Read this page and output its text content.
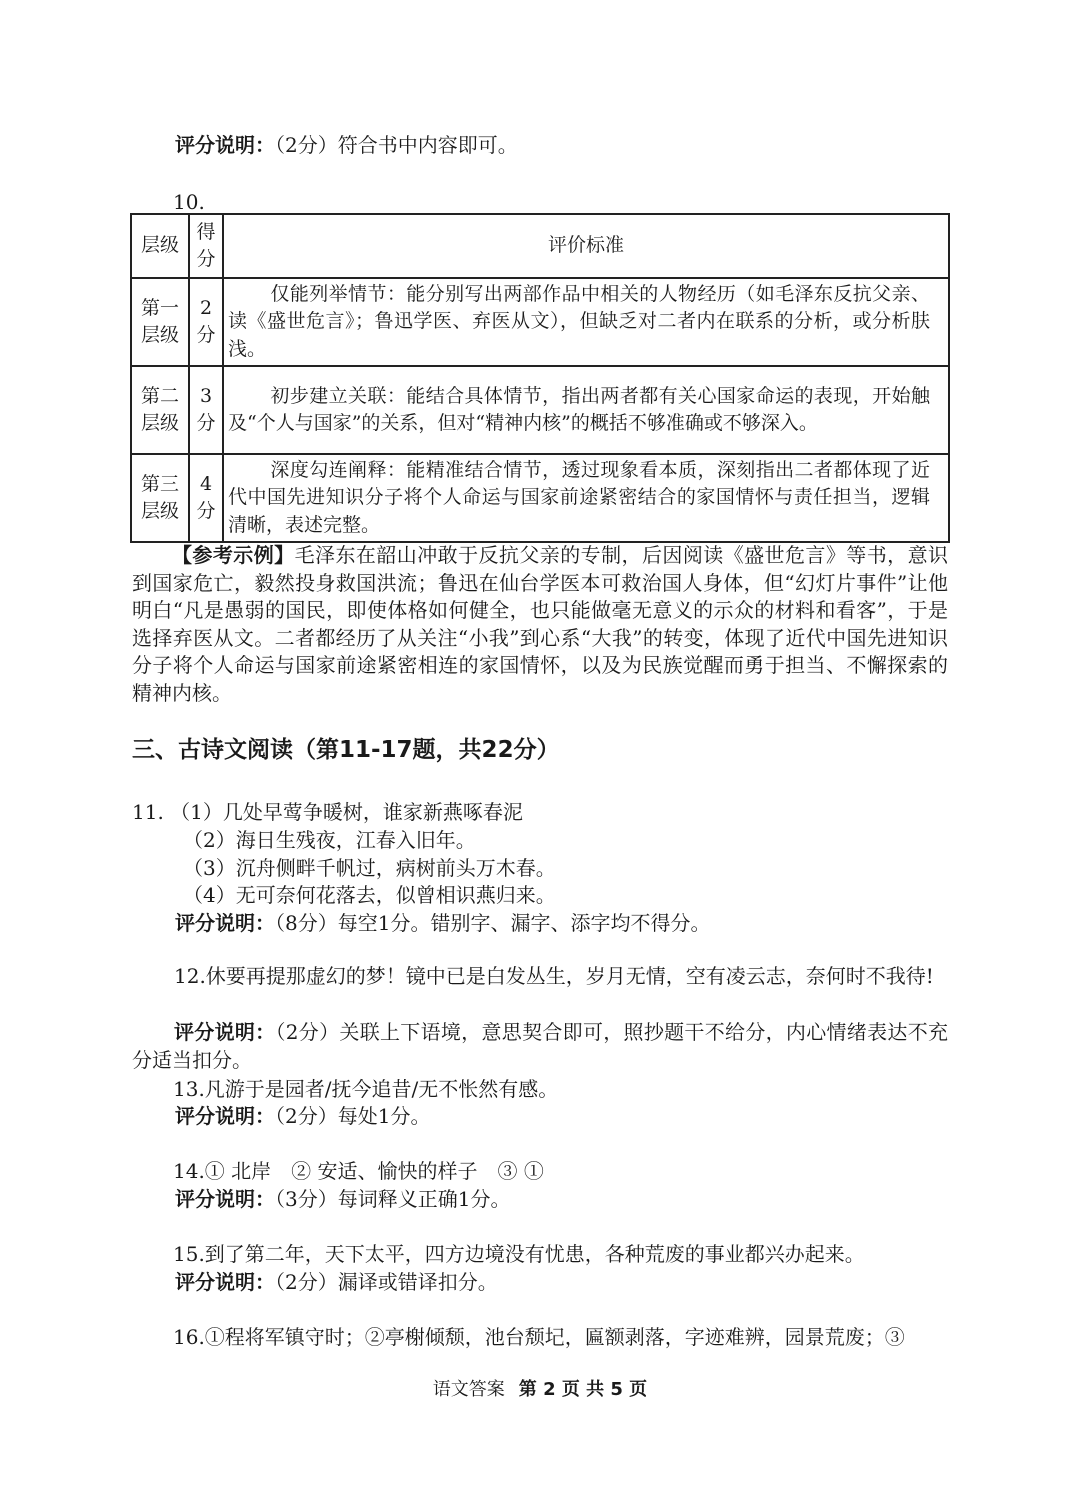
评分说明：（2分）符合书中内容即可。
10.
层级	得分	评价标准
第一层级	2分	仅能列举情节：能分别写出两部作品中相关的人物经历（如毛泽东反抗父亲、读《盛世危言》；鲁迅学医、弃医从文），但缺乏对二者内在联系的分析，或分析肤浅。
第二层级	3分	初步建立关联：能结合具体情节，指出两者都有关心国家命运的表现，开始触及“个人与国家”的关系，但对“精神内核”的概括不够准确或不够深入。
第三层级	4分	深度勾连阐释：能精准结合情节，透过现象看本质，深刻指出二者都体现了近代中国先进知识分子将个人命运与国家前途紧密结合的家国情怀与责任担当，逻辑清晰，表述完整。
【参考示例】毛泽东在韶山冲敢于反抗父亲的专制，后因阅读《盛世危言》等书，意识到国家危亡，毅然投身救国洪流；鲁迅在仙台学医本可救治国人身体，但“幻灯片事件”让他明白“凡是愚弱的国民，即使体格如何健全，也只能做毫无意义的示众的材料和看客”，于是选择弃医从文。二者都经历了从关注“小我”到心系“大我”的转变，体现了近代中国先进知识分子将个人命运与国家前途紧密相连的家国情怀，以及为民族觉醒而勇于担当、不懈探索的精神内核。
三、古诗文阅读（第11-17题，共22分）
11. （1）几处早莺争暖树，谁家新燕啄春泥
（2）海日生残夜，江春入旧年。
（3）沉舟侧畔千帆过，病树前头万木春。
（4）无可奈何花落去，似曾相识燕归来。
评分说明：（8分）每空1分。错别字、漏字、添字均不得分。
12.休要再提那虚幻的梦！镜中已是白发丛生，岁月无情，空有凌云志，奈何时不我待!
评分说明：（2分）关联上下语境，意思契合即可，照抄题干不给分，内心情绪表达不充分适当扣分。
13.凡游于是园者/抚今追昔/无不怅然有感。
评分说明：（2分）每处1分。
14.① 北岸　② 安适、愉快的样子　③ ①
评分说明：（3分）每词释义正确1分。
15.到了第二年，天下太平，四方边境没有忧患，各种荒废的事业都兴办起来。
评分说明：（2分）漏译或错译扣分。
16.①程将军镇守时；②亭榭倾颓，池台颓圮，匾额剥落，字迹难辨，园景荒废；③
语文答案 第 2 页 共 5 页
